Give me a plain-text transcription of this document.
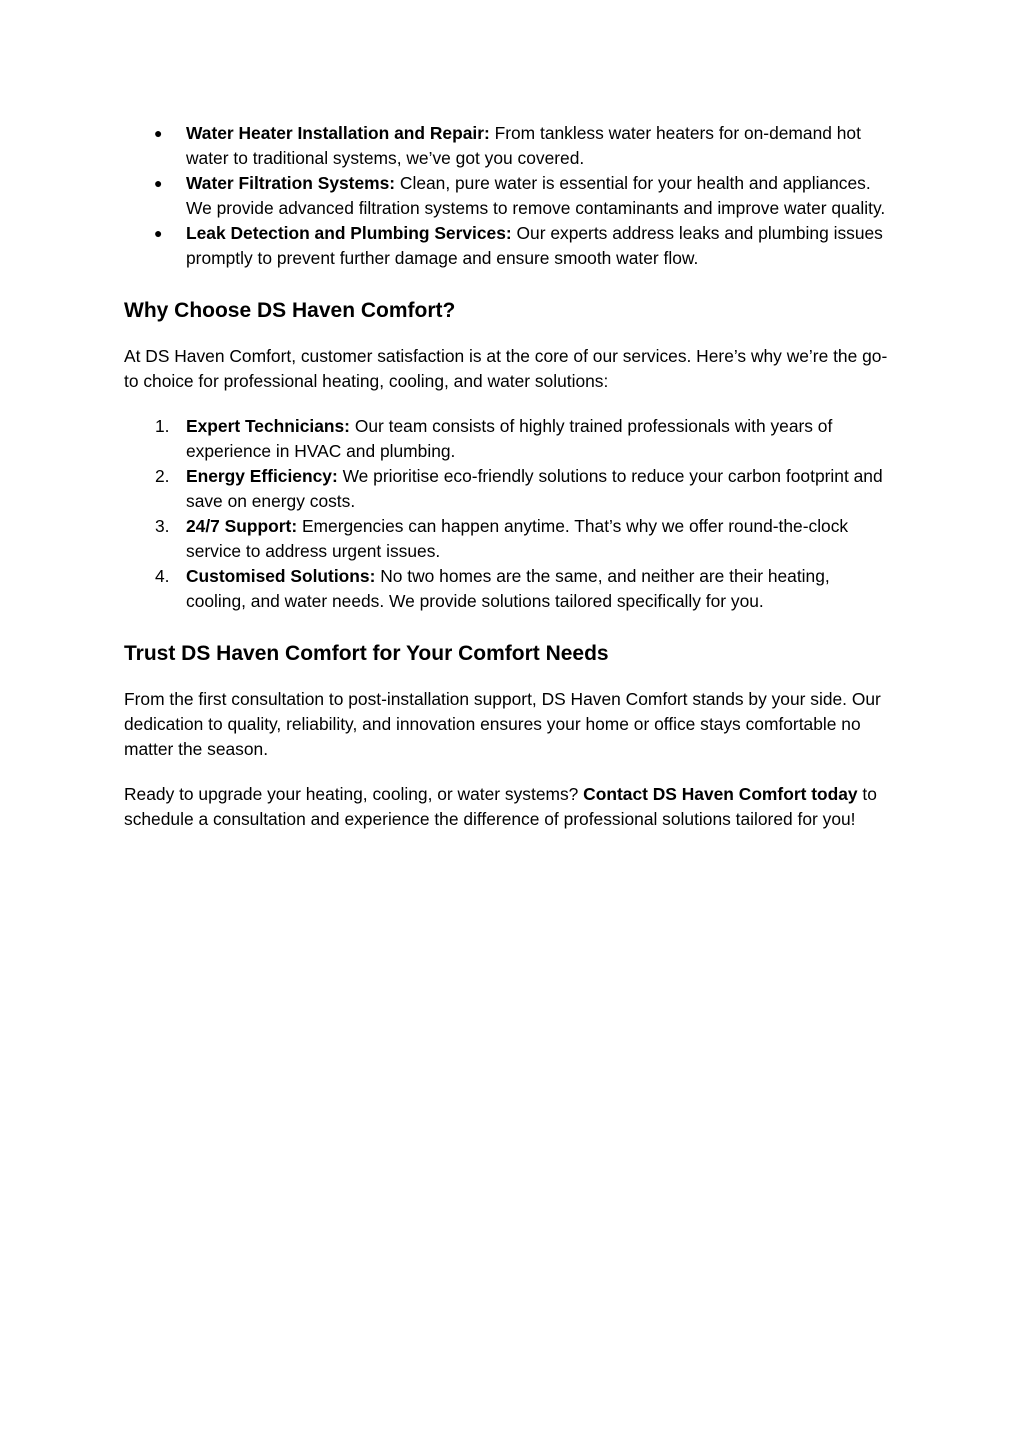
● Water Heater Installation and Repair: From tankless water heaters for on-demand hot water to traditional systems, we’ve got you covered.
● Water Filtration Systems: Clean, pure water is essential for your health and appliances. We provide advanced filtration systems to remove contaminants and improve water quality.
● Leak Detection and Plumbing Services: Our experts address leaks and plumbing issues promptly to prevent further damage and ensure smooth water flow.
Why Choose DS Haven Comfort?

At DS Haven Comfort, customer satisfaction is at the core of our services. Here’s why we’re the go-to choice for professional heating, cooling, and water solutions:

1. Expert Technicians: Our team consists of highly trained professionals with years of experience in HVAC and plumbing.
2. Energy Efficiency: We prioritise eco-friendly solutions to reduce your carbon footprint and save on energy costs.
3. 24/7 Support: Emergencies can happen anytime. That’s why we offer round-the-clock service to address urgent issues.
4. Customised Solutions: No two homes are the same, and neither are their heating, cooling, and water needs. We provide solutions tailored specifically for you.
Trust DS Haven Comfort for Your Comfort Needs

From the first consultation to post-installation support, DS Haven Comfort stands by your side. Our dedication to quality, reliability, and innovation ensures your home or office stays comfortable no matter the season.

Ready to upgrade your heating, cooling, or water systems? Contact DS Haven Comfort today to schedule a consultation and experience the difference of professional solutions tailored for you!
